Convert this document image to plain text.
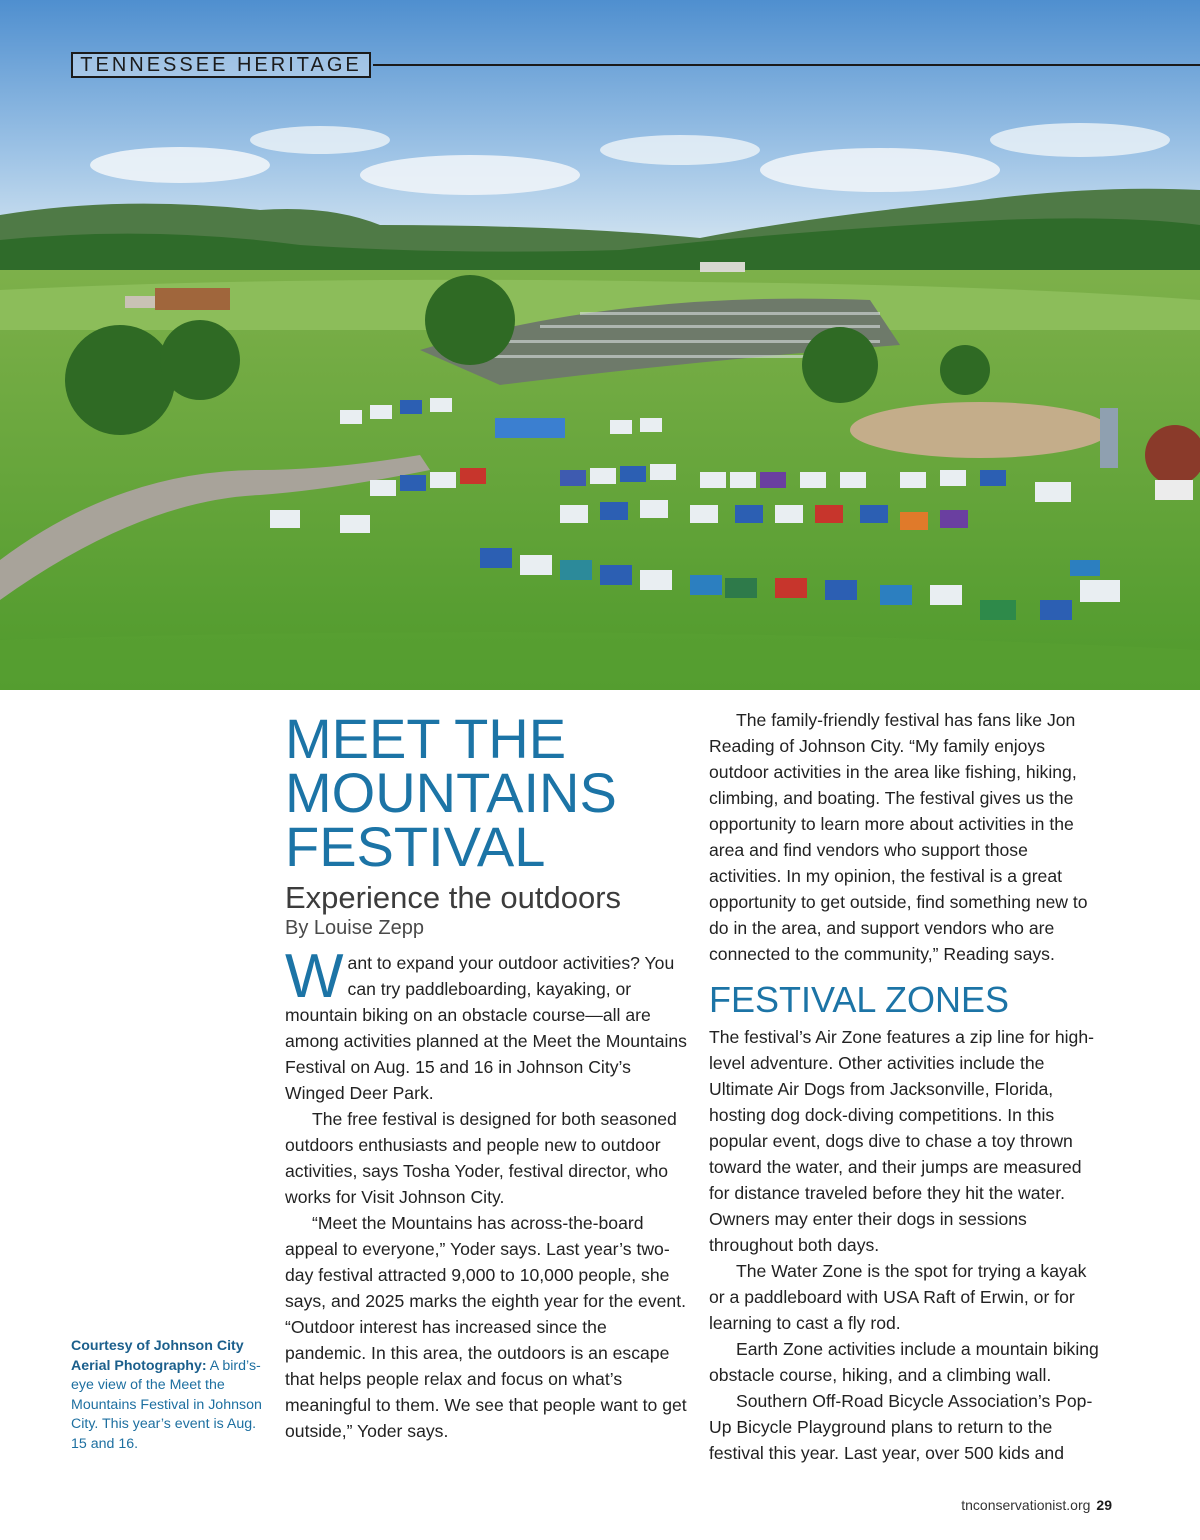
TENNESSEE HERITAGE
Courtesy of Johnson City Aerial Photography: A bird’s-eye view of the Meet the Mountains Festival in Johnson City. This year’s event is Aug. 15 and 16.
MEET THE
MOUNTAINS
FESTIVAL
Experience the outdoors
By Louise Zepp

Want to expand your outdoor activities? You can try paddleboarding, kayaking, or mountain biking on an obstacle course—all are among activities planned at the Meet the Mountains Festival on Aug. 15 and 16 in Johnson City’s Winged Deer Park.

The free festival is designed for both seasoned outdoors enthusiasts and people new to outdoor activities, says Tosha Yoder, festival director, who works for Visit Johnson City.

“Meet the Mountains has across-the-board appeal to everyone,” Yoder says. Last year’s two-day festival attracted 9,000 to 10,000 people, she says, and 2025 marks the eighth year for the event. “Outdoor interest has increased since the pandemic. In this area, the outdoors is an escape that helps people relax and focus on what’s meaningful to them. We see that people want to get outside,” Yoder says.

The family-friendly festival has fans like Jon Reading of Johnson City. “My family enjoys outdoor activities in the area like fishing, hiking, climbing, and boating. The festival gives us the opportunity to learn more about activities in the area and find vendors who support those activities. In my opinion, the festival is a great opportunity to get outside, find something new to do in the area, and support vendors who are connected to the community,” Reading says.

FESTIVAL ZONES

The festival’s Air Zone features a zip line for high-level adventure. Other activities include the Ultimate Air Dogs from Jacksonville, Florida, hosting dog dock-diving competitions. In this popular event, dogs dive to chase a toy thrown toward the water, and their jumps are measured for distance traveled before they hit the water. Owners may enter their dogs in sessions throughout both days.

The Water Zone is the spot for trying a kayak or a paddleboard with USA Raft of Erwin, or for learning to cast a fly rod.

Earth Zone activities include a mountain biking obstacle course, hiking, and a climbing wall.

Southern Off-Road Bicycle Association’s Pop-Up Bicycle Playground plans to return to the festival this year. Last year, over 500 kids and

tnconservationist.org 29
